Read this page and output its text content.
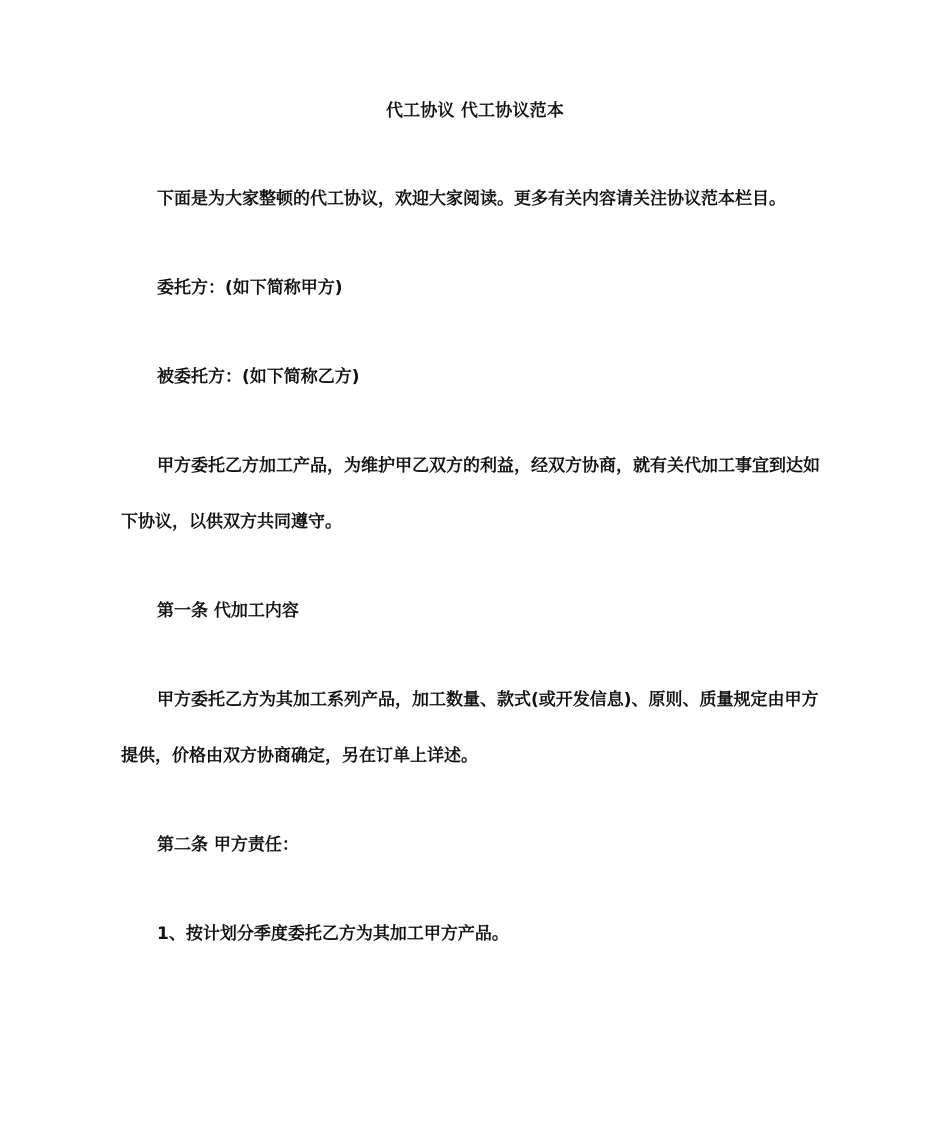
代工协议 代工协议范本

下面是为大家整顿的代工协议，欢迎大家阅读。更多有关内容请关注协议范本栏目。

委托方：(如下简称甲方)

被委托方：(如下简称乙方)

甲方委托乙方加工产品，为维护甲乙双方的利益，经双方协商，就有关代加工事宜到达如下协议，以供双方共同遵守。

第一条 代加工内容

甲方委托乙方为其加工系列产品，加工数量、款式(或开发信息)、原则、质量规定由甲方提供，价格由双方协商确定，另在订单上详述。

第二条 甲方责任：

1、按计划分季度委托乙方为其加工甲方产品。
